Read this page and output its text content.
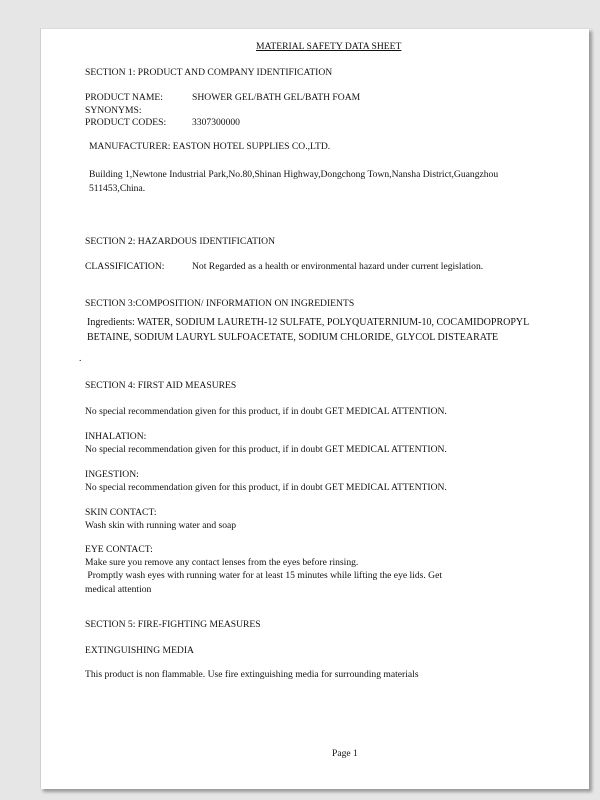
MATERIAL SAFETY DATA SHEET

SECTION 1: PRODUCT AND COMPANY IDENTIFICATION

PRODUCT NAME:	SHOWER GEL/BATH GEL/BATH FOAM

SYNONYMS:

PRODUCT CODES:	3307300000

MANUFACTURER: EASTON HOTEL SUPPLIES CO.,LTD.

Building 1,Newtone Industrial Park,No.80,Shinan Highway,Dongchong Town,Nansha District,Guangzhou

511453,China.

SECTION 2: HAZARDOUS IDENTIFICATION

CLASSIFICATION:	Not Regarded as a health or environmental hazard under current legislation.

SECTION 3:COMPOSITION/ INFORMATION ON INGREDIENTS

Ingredients: WATER, SODIUM LAURETH-12 SULFATE, POLYQUATERNIUM-10, COCAMIDOPROPYL

BETAINE, SODIUM LAURYL SULFOACETATE, SODIUM CHLORIDE, GLYCOL DISTEARATE

.

SECTION 4: FIRST AID MEASURES

No special recommendation given for this product, if in doubt GET MEDICAL ATTENTION.

INHALATION:

No special recommendation given for this product, if in doubt GET MEDICAL ATTENTION.

INGESTION:

No special recommendation given for this product, if in doubt GET MEDICAL ATTENTION.

SKIN CONTACT:

Wash skin with running water and soap

EYE CONTACT:

Make sure you remove any contact lenses from the eyes before rinsing.

Promptly wash eyes with running water for at least 15 minutes while lifting the eye lids. Get

medical attention

SECTION 5: FIRE-FIGHTING MEASURES

EXTINGUISHING MEDIA

This product is non flammable. Use fire extinguishing media for surrounding materials

Page 1
